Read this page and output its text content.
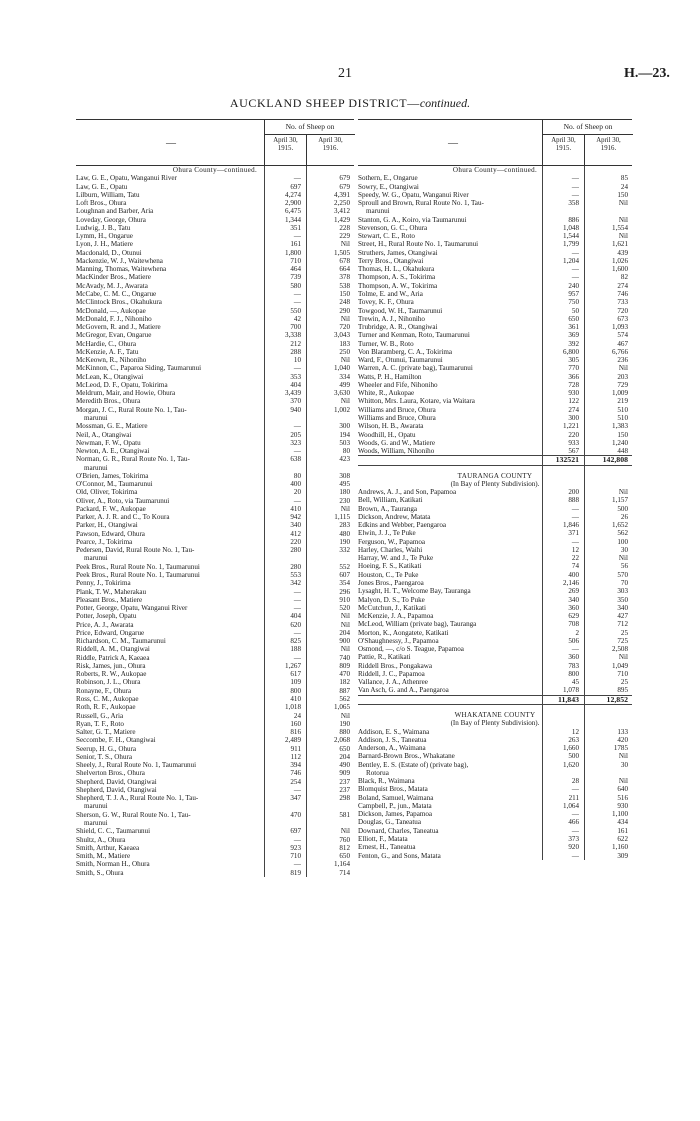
21	H.—23.
AUCKLAND SHEEP DISTRICT—continued.
—
No. of Sheep on
April 30,
1915.
April 30,
1916.
Ohura County—continued.
Law, G. E., Opatu, Wanganui River	—	679
Law, G. E., Opatu	697	679
Lilburn, William, Tatu	4,274	4,391
Loft Bros., Ohura	2,900	2,250
Loughnan and Barber, Aria	6,475	3,412
Loveday, George, Ohura	1,344	1,429
Ludwig, J. B., Tatu	351	228
Lymm, H., Ongarue	—	229
Lyon, J. H., Matiere	161	Nil
Macdonald, D., Otunui	1,800	1,505
Mackenzie, W. J., Waitewhena	710	678
Manning, Thomas, Waitewhena	464	664
MacKinder Bros., Matiere	739	378
McAvady, M. J., Awarata	580	538
McCabe, C. M. C., Ongarue	—	150
McClintock Bros., Okahukura	—	248
McDonald, —, Aukopae	550	290
McDonald, F. J., Nihoniho	42	Nil
McGovern, R. and J., Matiere	700	720
McGregor, Evan, Ongarue	3,338	3,043
McHardie, C., Ohura	212	183
McKenzie, A. F., Tatu	288	250
McKeown, R., Nihoniho	10	Nil
McKinnon, C., Paparoa Siding, Taumarunui	—	1,040
McLean, K., Otangiwai	353	334
McLeod, D. F., Opatu, Tokirima	404	499
Meldrum, Mair, and Howie, Ohura	3,439	3,630
Meredith Bros., Ohura	370	Nil
Morgan, J. C., Rural Route No. 1, Tau-	940	1,002
marunui
Mossman, G. E., Matiere	—	300
Neil, A., Otangiwai	205	194
Newman, F. W., Opatu	323	503
Newton, A. E., Otangiwai	—	80
Norman, G. R., Rural Route No. 1, Tau-	638	423
marunui
O'Brien, James, Tokirima	80	308
O'Connor, M., Taumarunui	400	495
Old, Oliver, Tokirima	20	180
Oliver, A., Roto, via Taumarunui	—	230
Packard, F. W., Aukopae	410	Nil
Parker, A. J. R. and C., To Koura	942	1,115
Parker, H., Otangiwai	340	283
Pawson, Edward, Ohura	412	480
Pearce, J., Tokirima	220	190
Pedersen, David, Rural Route No. 1, Tau-	280	332
marunui
Peek Bros., Rural Route No. 1, Taumarunui	280	552
Peek Bros., Rural Route No. 1, Taumarunui	553	607
Penny, J., Tokirima	342	354
Plank, T. W., Maherakau	—	296
Pleasant Bros., Matiere	—	910
Potter, George, Opatu, Wanganui River	—	520
Potter, Joseph, Opatu	404	Nil
Price, A. J., Awarata	620	Nil
Price, Edward, Ongarue	—	204
Richardson, C. M., Taumarunui	825	900
Riddell, A. M., Otangiwai	188	Nil
Riddle, Patrick A, Kaeaea	—	740
Risk, James, jun., Ohura	1,267	809
Roberts, R. W., Aukopae	617	470
Robinson, J. L., Ohura	109	182
Ronayne, F., Ohura	800	887
Ross, C. M., Aukopae	410	562
Roth, R. F., Aukopae	1,018	1,065
Russell, G., Aria	24	Nil
Ryan, T. F., Roto	160	190
Salter, G. T., Matiere	816	880
Seccombe, F. H., Otangiwai	2,489	2,068
Seerup, H. G., Ohura	911	650
Senior, T. S., Ohura	112	204
Sheely, J., Rural Route No. 1, Taumarunui	394	490
Shelverton Bros., Ohura	746	909
Shepherd, David, Otangiwai	254	237
Shepherd, David, Otangiwai	—	237
Shepherd, T. J. A., Rural Route No. 1, Tau-	347	298
marunui
Sherson, G. W., Rural Route No. 1, Tau-	470	581
marunui
Shield, C. C., Taumarunui	697	Nil
Shultz, A., Ohura	—	760
Smith, Arthur, Kaeaea	923	812
Smith, M., Matiere	710	650
Smith, Norman H., Ohura	—	1,164
Smith, S., Ohura	819	714
—
No. of Sheep on
April 30,
1915.
April 30,
1916.
Ohura County—continued.
Sothern, E., Ongarue	—	85
Sowry, E., Otangiwai	—	24
Speedy, W. G., Opatu, Wanganui River	—	150
Sproull and Brown, Rural Route No. 1, Tau-	358	Nil
marunui
Stanton, G. A., Koiro, via Taumarunui	886	Nil
Stevenson, G. C., Ohura	1,048	1,554
Stewart, C. E., Roto	1,544	Nil
Street, H., Rural Route No. 1, Taumarunui	1,799	1,621
Struthers, James, Otangiwai	—	439
Terry Bros., Otangiwai	1,204	1,026
Thomas, H. L., Okahukura	—	1,600
Thompson, A. S., Tokirima	—	82
Thompson, A. W., Tokirima	240	274
Tolme, E. and W., Aria	957	746
Tovey, K. F., Ohura	750	733
Towgood, W. H., Taumarunui	50	720
Trewin, A. J., Nihoniho	650	673
Trubridge, A. R., Otangiwai	361	1,093
Turner and Kenman, Roto, Taumarunui	369	574
Turner, W. B., Roto	392	467
Von Blaramberg, C. A., Tokirima	6,800	6,766
Ward, F., Otunui, Taumarunui	305	236
Warren, A. C. (private bag), Taumarunui	770	Nil
Watts, P. H., Hamilton	366	203
Wheeler and Fife, Nihoniho	728	729
White, R., Aukopae	930	1,009
Whitton, Mrs. Laura, Kotare, via Waitara	122	219
Williams and Bruce, Ohura	274	510
Williams and Bruce, Ohura	300	510
Wilson, H. B., Awarata	1,221	1,383
Woodhill, H., Opatu	220	150
Woods, G. and W., Matiere	933	1,240
Woods, William, Nihoniho	567	448
132521	142,808
TAURANGA COUNTY
(In Bay of Plenty Subdivision).
Andrews, A. J., and Son, Papamoa	200	Nil
Bell, William, Katikati	888	1,157
Brown, A., Tauranga	—	500
Dickson, Andrew, Matata	—	26
Edkins and Webber, Paengaroa	1,846	1,652
Elwin, J. J., Te Puke	371	562
Ferguson, W., Papamoa	—	100
Harley, Charles, Waihi	12	30
Harray, W. and J., Te Puke	22	Nil
Hoeing, F. S., Katikati	74	56
Houston, C., Te Puke	400	570
Jones Bros., Paengaroa	2,146	70
Lysaght, H. T., Welcome Bay, Tauranga	269	303
Malyon, D. S., To Puke	340	350
McCutchun, J., Katikati	360	340
McKenzie, J. A., Papamoa	629	427
McLeod, William (private bag), Tauranga	708	712
Morton, K., Aongatete, Katikati	2	25
O'Shaughnessy, J., Papamoa	506	725
Osmond, —, c/o S. Teague, Papamoa	—	2,508
Pattie, R., Katikati	360	Nil
Riddell Bros., Pongakawa	783	1,049
Riddell, J. C., Papamoa	800	710
Vallance, J. A., Athenree	45	25
Van Asch, G. and A., Paengaroa	1,078	895
11,843	12,852
WHAKATANE COUNTY
(In Bay of Plenty Subdivision).
Addison, E. S., Waimana	12	133
Addison, J. S., Taneatua	263	420
Anderson, A., Waimana	1,660	1785
Barnard-Brown Bros., Whakatane	500	Nil
Bentley, E. S. (Estate of) (private bag),	1,620	30
Rotorua
Black, R., Waimana	28	Nil
Blomquist Bros., Matata	—	640
Boland, Samuel, Waimana	211	516
Campbell, P., jun., Matata	1,064	930
Dickson, James, Papamoa	—	1,100
Douglas, G., Taneatua	466	434
Downard, Charles, Taneatua	—	161
Elliott, F., Matata	373	622
Ernest, H., Taneatua	920	1,160
Fenton, G., and Sons, Matata	—	309
